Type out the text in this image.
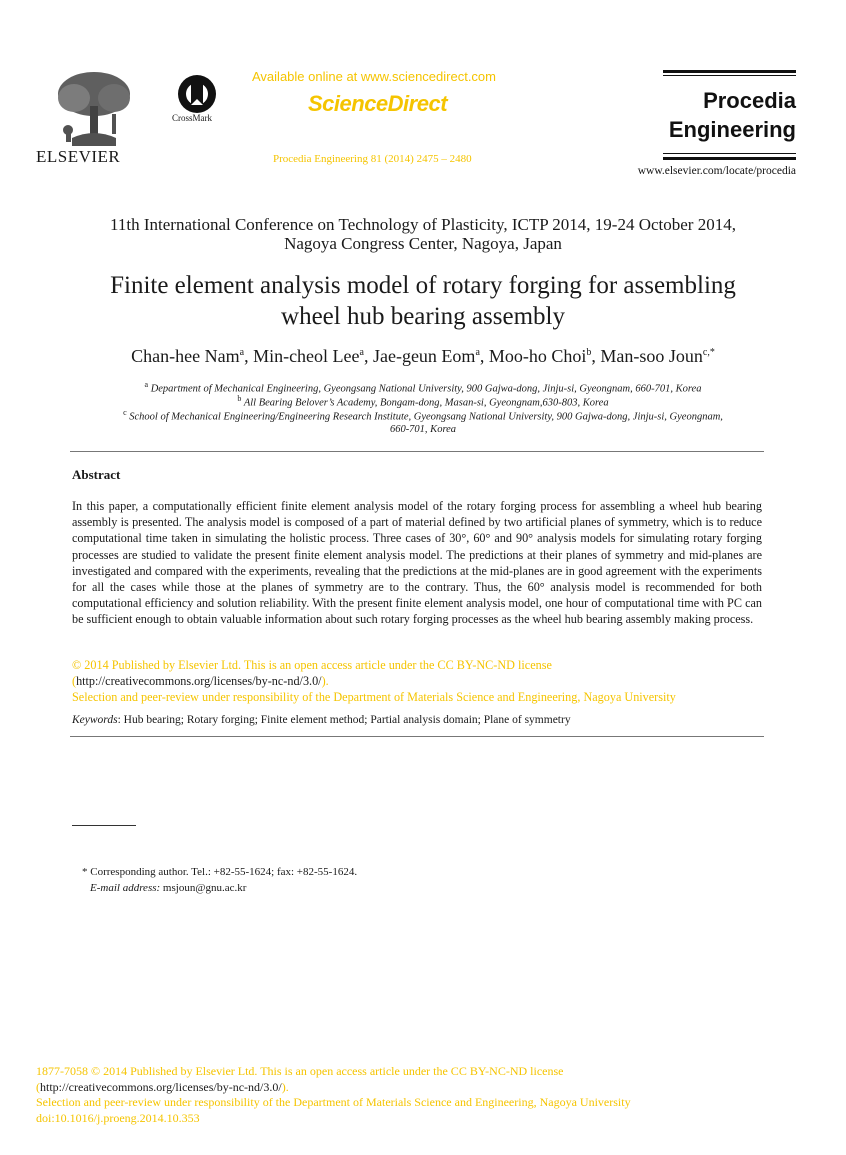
ELSEVIER
CrossMark
Available online at www.sciencedirect.com
ScienceDirect
Procedia Engineering 81 (2014) 2475 – 2480
Procedia
Engineering
www.elsevier.com/locate/procedia
11th International Conference on Technology of Plasticity, ICTP 2014, 19-24 October 2014,
Nagoya Congress Center, Nagoya, Japan
Finite element analysis model of rotary forging for assembling
wheel hub bearing assembly
Chan-hee Nam$^a$, Min-cheol Lee$^a$, Jae-geun Eom$^a$, Moo-ho Choi$^b$, Man-soo Joun$^{c,*}$
$^a$ Department of Mechanical Engineering, Gyeongsang National University, 900 Gajwa-dong, Jinju-si, Gyeongnam, 660-701, Korea
$^b$ All Bearing Belover’s Academy, Bongam-dong, Masan-si, Gyeongnam,630-803, Korea
$^c$ School of Mechanical Engineering/Engineering Research Institute, Gyeongsang National University, 900 Gajwa-dong, Jinju-si, Gyeongnam,
660-701, Korea
Abstract
In this paper, a computationally efficient finite element analysis model of the rotary forging process for assembling a wheel hub bearing assembly is presented. The analysis model is composed of a part of material defined by two artificial planes of symmetry, which is to reduce computational time taken in simulating the holistic process. Three cases of 30°, 60° and 90° analysis models for simulating rotary forging processes are studied to validate the present finite element analysis model. The predictions at their planes of symmetry and mid-planes are investigated and compared with the experiments, revealing that the predictions at the mid-planes are in good agreement with the experiments for all the cases while those at the planes of symmetry are to the contrary. Thus, the 60° analysis model is recommended for both computational efficiency and solution reliability. With the present finite element analysis model, one hour of computational time with PC can be sufficient enough to obtain valuable information about such rotary forging processes as the wheel hub bearing assembly making process.
© 2014 Published by Elsevier Ltd. This is an open access article under the CC BY-NC-ND license
(http://creativecommons.org/licenses/by-nc-nd/3.0/).
Selection and peer-review under responsibility of the Department of Materials Science and Engineering, Nagoya University
Keywords: Hub bearing; Rotary forging; Finite element method; Partial analysis domain; Plane of symmetry
* Corresponding author. Tel.: +82-55-1624; fax: +82-55-1624.
E-mail address: msjoun@gnu.ac.kr
1877-7058 © 2014 Published by Elsevier Ltd. This is an open access article under the CC BY-NC-ND license
(http://creativecommons.org/licenses/by-nc-nd/3.0/).
Selection and peer-review under responsibility of the Department of Materials Science and Engineering, Nagoya University
doi:10.1016/j.proeng.2014.10.353
